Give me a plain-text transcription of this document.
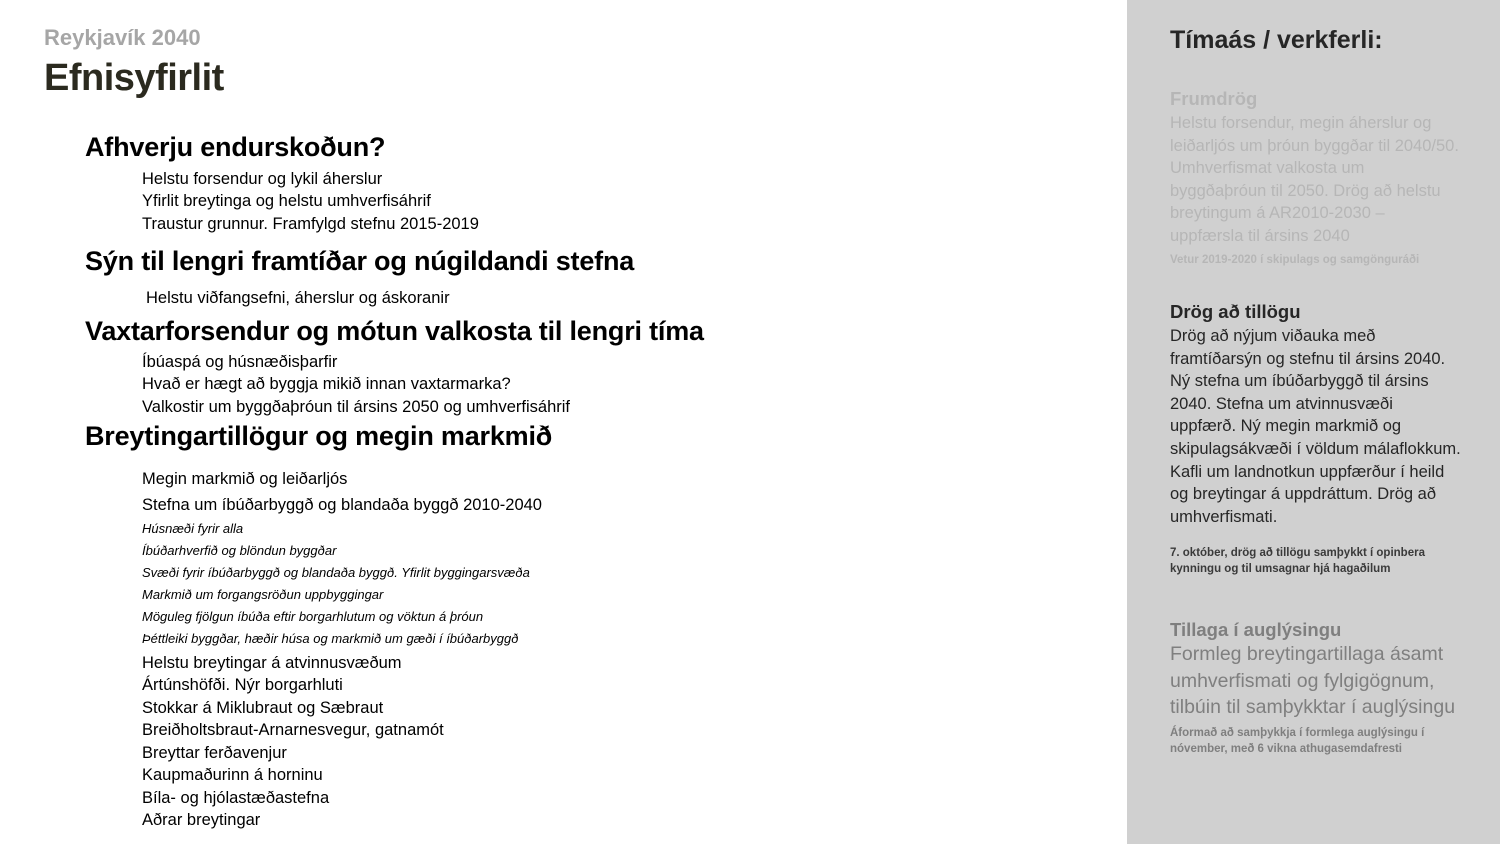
Reykjavík 2040
Efnisyfirlit
Afhverju endurskoðun?
Helstu forsendur og lykil áherslur
Yfirlit breytinga og helstu umhverfisáhrif
Traustur grunnur. Framfylgd stefnu 2015-2019
Sýn til lengri framtíðar og núgildandi stefna
Helstu viðfangsefni, áherslur og áskoranir
Vaxtarforsendur og mótun valkosta til lengri tíma
Íbúaspá og húsnæðisþarfir
Hvað er hægt að byggja mikið innan vaxtarmarka?
Valkostir um byggðaþróun til ársins 2050 og umhverfisáhrif
Breytingartillögur og megin markmið
Megin markmið og leiðarljós
Stefna um íbúðarbyggð og blandaða byggð 2010-2040
Húsnæði fyrir alla
Íbúðarhverfið og blöndun byggðar
Svæði fyrir íbúðarbyggð og blandaða byggð. Yfirlit byggingarsvæða
Markmið um forgangsröðun uppbyggingar
Möguleg fjölgun íbúða eftir borgarhlutum og vöktun á þróun
Þéttleiki byggðar, hæðir húsa og markmið um gæði í íbúðarbyggð
Helstu breytingar á atvinnusvæðum
Ártúnshöfði. Nýr borgarhluti
Stokkar á Miklubraut og Sæbraut
Breiðholtsbraut-Arnarnesvegur, gatnamót
Breyttar ferðavenjur
Kaupmaðurinn á horninu
Bíla- og hjólastæðastefna
Aðrar breytingar
Tímaás / verkferli:
Frumdrög
Helstu forsendur, megin áherslur og leiðarljós um þróun byggðar til 2040/50. Umhverfismat valkosta um byggðaþróun til 2050. Drög að helstu breytingum á AR2010-2030 – uppfærsla til ársins 2040
Vetur 2019-2020 í skipulags og samgönguráði
Drög að tillögu
Drög að nýjum viðauka með framtíðarsýn og stefnu til ársins 2040. Ný stefna um íbúðarbyggð til ársins 2040. Stefna um atvinnusvæði uppfærð. Ný megin markmið og skipulagsákvæði í völdum málaflokkum. Kafli um landnotkun uppfærður í heild og breytingar á uppdráttum. Drög að umhverfismati.
7. október, drög að tillögu samþykkt í opinbera kynningu og til umsagnar hjá hagaðilum
Tillaga í auglýsingu
Formleg breytingartillaga ásamt umhverfismati og fylgigögnum, tilbúin til samþykktar í auglýsingu
Áformað að samþykkja í formlega auglýsingu í nóvember, með 6 vikna athugasemdafresti
